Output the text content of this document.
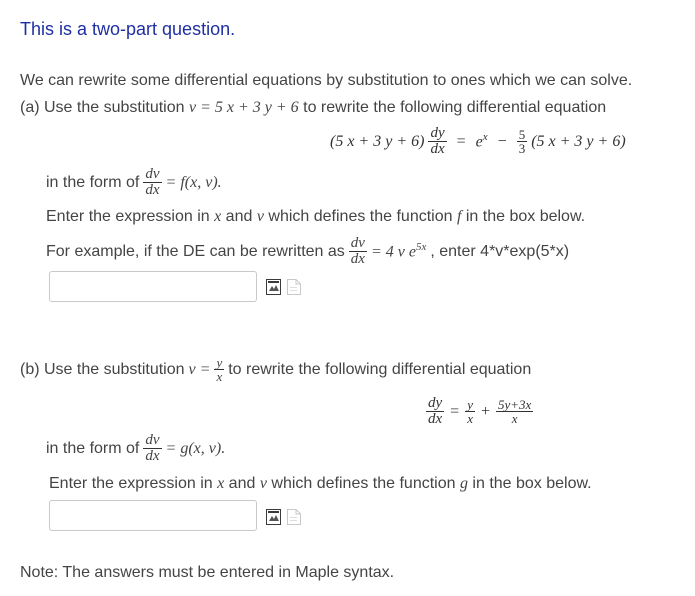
This is a two-part question.
We can rewrite some differential equations by substitution to ones which we can solve.
(a) Use the substitution v = 5 x + 3 y + 6 to rewrite the following differential equation
(5 x + 3 $y + 6) \frac{dy}{dx} = e^x - \frac{5}{3} (5$ x + 3 y + 6)
in the form of $\frac{dv}{dx} = f(x$, v).
Enter the expression in x and v which defines the function f in the box below.
For example, if the DE can be rewritten as $\frac{dv}{dx} = 4$ v $e^{5x}$ , enter 4*v*exp(5*x)
(b) Use the substitution $v = \frac{y}{x}$ to rewrite the following differential equation
$\frac{dy}{dx} = \frac{y}{x} + \frac{5y+3x}{x}$
in the form of $\frac{dv}{dx} = g(x$, v).
Enter the expression in x and v which defines the function g in the box below.
Note: The answers must be entered in Maple syntax.
